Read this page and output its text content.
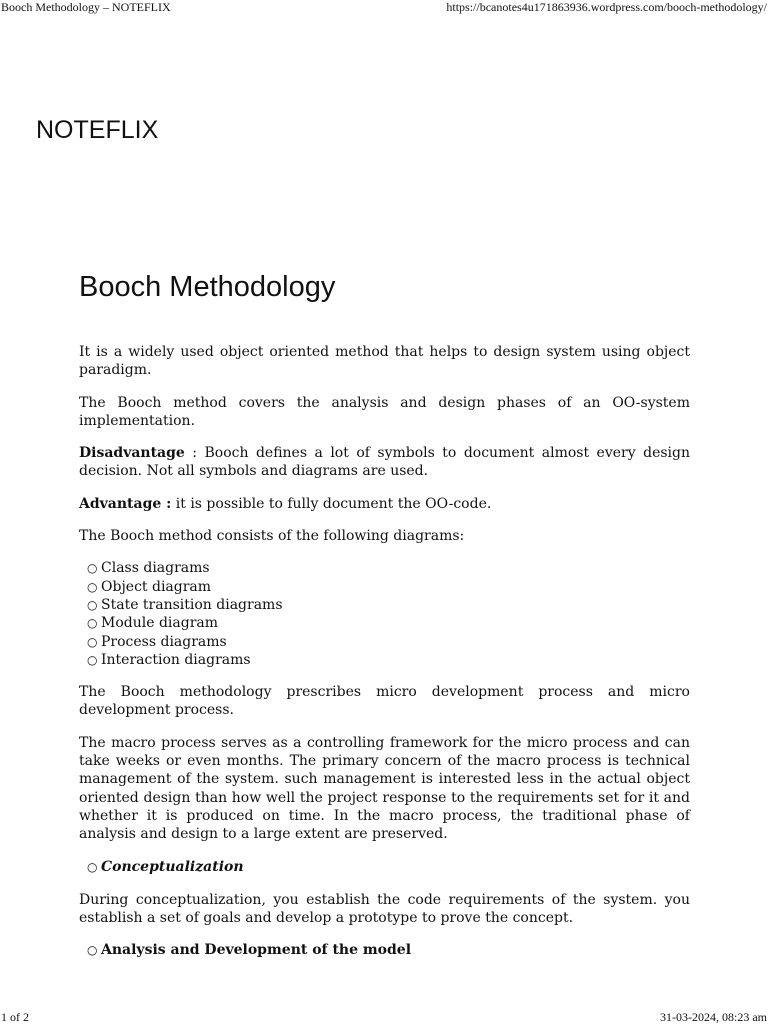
Booch Methodology – NOTEFLIX	https://bcanotes4u171863936.wordpress.com/booch-methodology/
NOTEFLIX
Booch Methodology

It is a widely used object oriented method that helps to design system using object paradigm.

The Booch method covers the analysis and design phases of an OO-system implementation.

Disadvantage : Booch defines a lot of symbols to document almost every design decision. Not all symbols and diagrams are used.

Advantage : it is possible to fully document the OO-code.

The Booch method consists of the following diagrams:

○ Class diagrams
○ Object diagram
○ State transition diagrams
○ Module diagram
○ Process diagrams
○ Interaction diagrams

The Booch methodology prescribes micro development process and micro development process.

The macro process serves as a controlling framework for the micro process and can take weeks or even months. The primary concern of the macro process is technical management of the system. such management is interested less in the actual object oriented design than how well the project response to the requirements set for it and whether it is produced on time. In the macro process, the traditional phase of analysis and design to a large extent are preserved.

○ Conceptualization

During conceptualization, you establish the code requirements of the system. you establish a set of goals and develop a prototype to prove the concept.

○ Analysis and Development of the model
1 of 2	31-03-2024, 08:23 am
